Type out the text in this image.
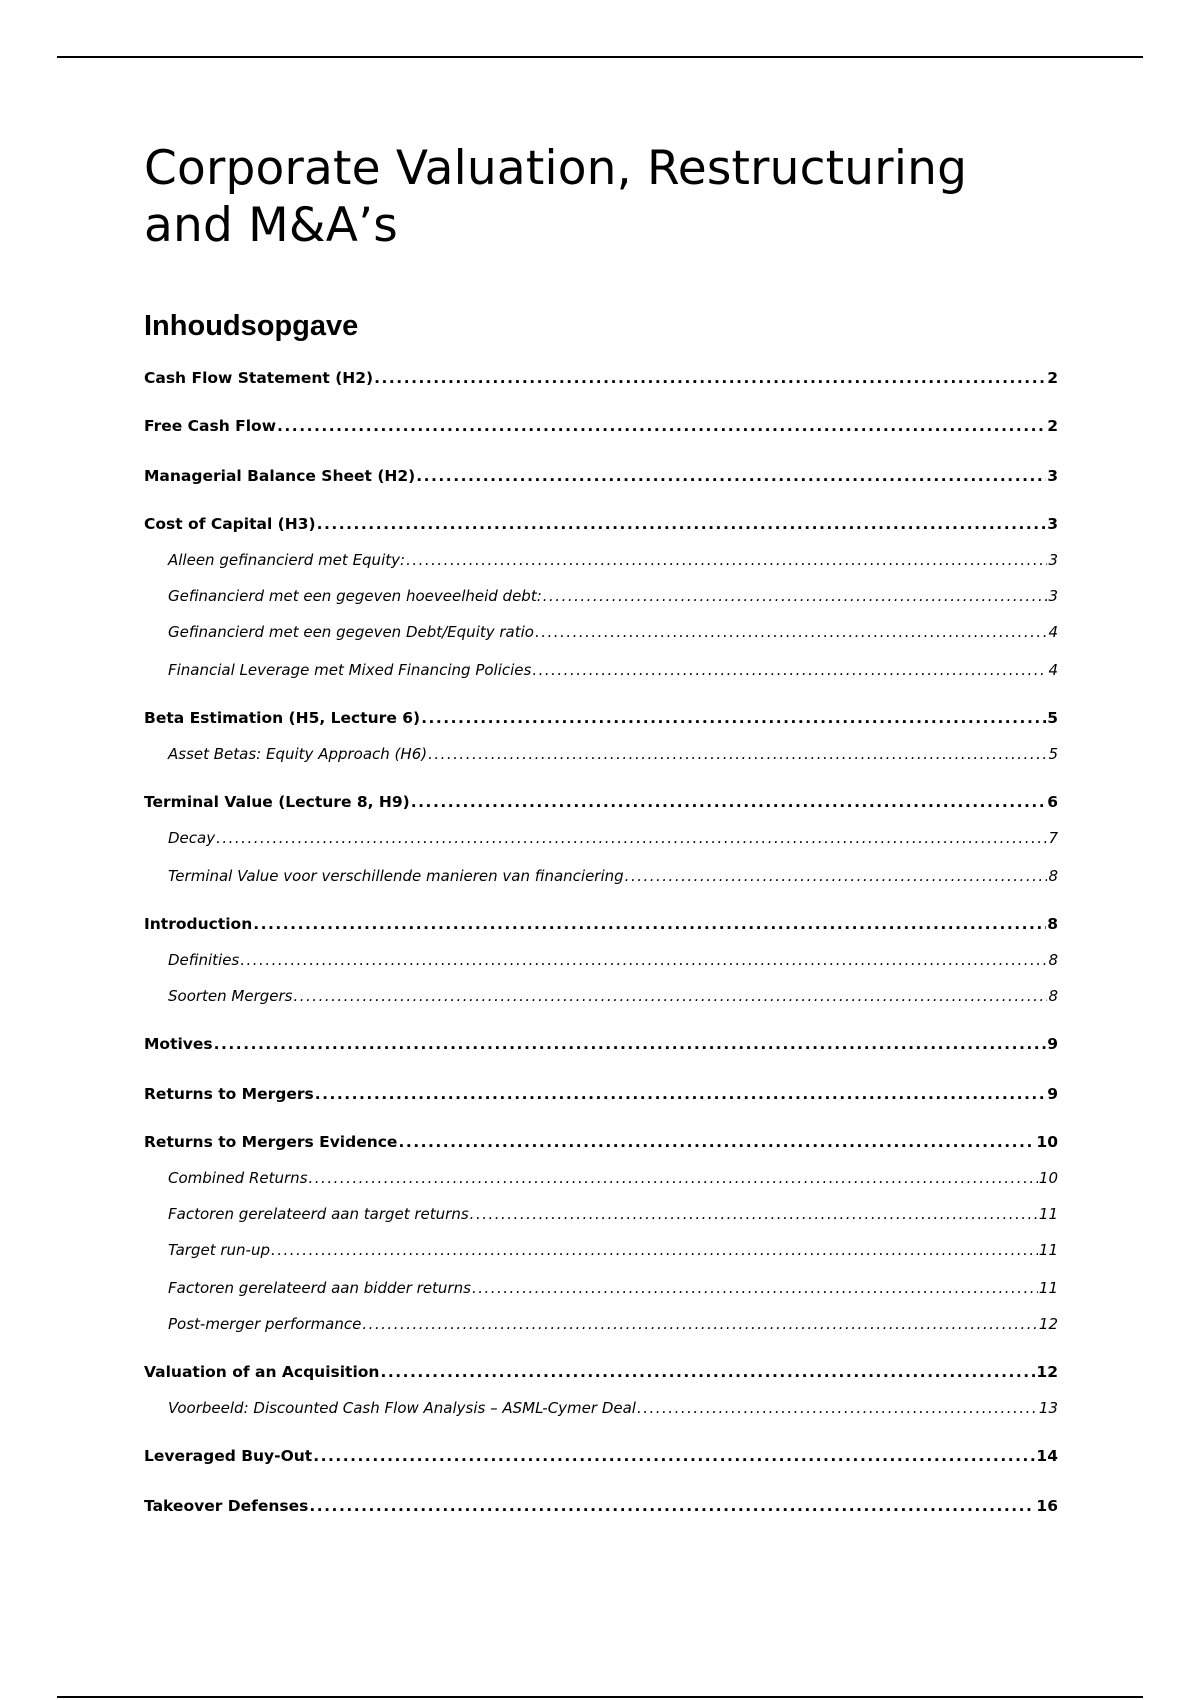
Corporate Valuation, Restructuring and M&A’s
Inhoudsopgave
Cash Flow Statement (H2) .....	2
Free Cash Flow .....	2
Managerial Balance Sheet (H2) .....	3
Cost of Capital (H3) .....	3
Alleen gefinancierd met Equity: .....	3
Gefinancierd met een gegeven hoeveelheid debt: .....	3
Gefinancierd met een gegeven Debt/Equity ratio .....	4
Financial Leverage met Mixed Financing Policies .....	4
Beta Estimation (H5, Lecture 6) .....	5
Asset Betas: Equity Approach (H6) .....	5
Terminal Value (Lecture 8, H9) .....	6
Decay .....	7
Terminal Value voor verschillende manieren van financiering .....	8
Introduction .....	8
Definities .....	8
Soorten Mergers .....	8
Motives .....	9
Returns to Mergers .....	9
Returns to Mergers Evidence .....	10
Combined Returns .....	10
Factoren gerelateerd aan target returns .....	11
Target run-up .....	11
Factoren gerelateerd aan bidder returns .....	11
Post-merger performance .....	12
Valuation of an Acquisition .....	12
Voorbeeld: Discounted Cash Flow Analysis – ASML-Cymer Deal .....	13
Leveraged Buy-Out .....	14
Takeover Defenses .....	16
